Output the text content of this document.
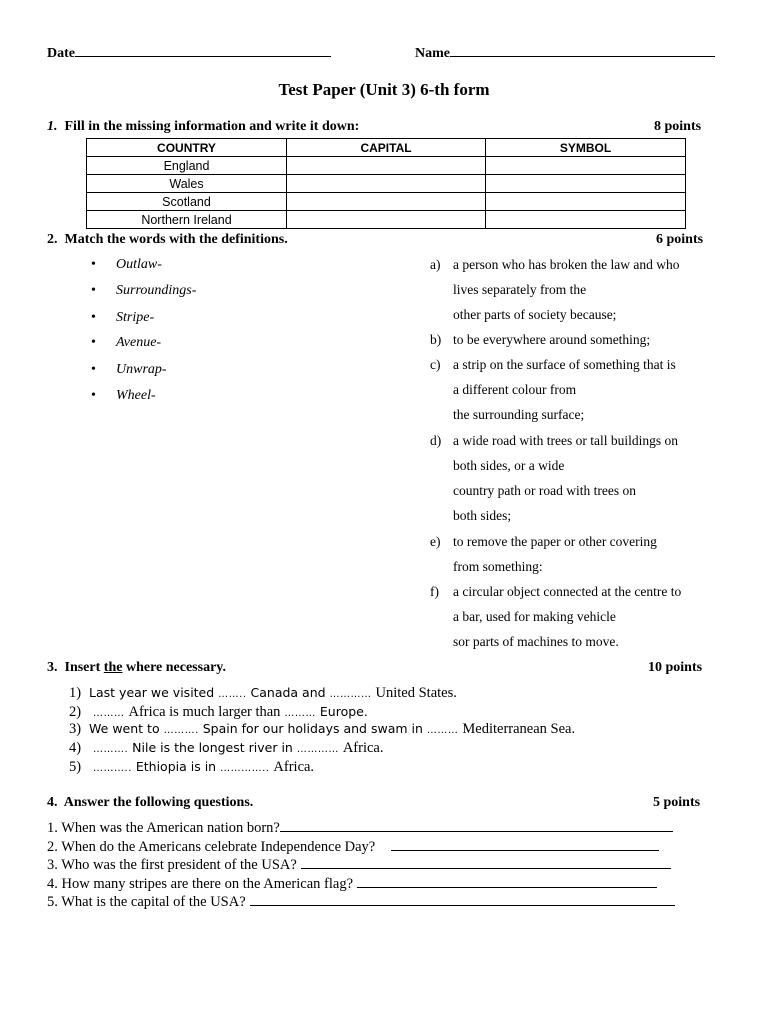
Date	Name
Test Paper (Unit 3) 6-th form
1. Fill in the missing information and write it down:	8 points
COUNTRY	CAPITAL	SYMBOL
England		
Wales		
Scotland		
Northern Ireland		
2. Match the words with the definitions.	6 points
• Outlaw-
• Surroundings-
• Stripe-
• Avenue-
• Unwrap-
• Wheel-
a) a person who has broken the law and who
lives separately from the
other parts of society because;
b) to be everywhere around something;
c) a strip on the surface of something that is
a different colour from
the surrounding surface;
d) a wide road with trees or tall buildings on
both sides, or a wide
country path or road with trees on
both sides;
e) to remove the paper or other covering
from something:
f) a circular object connected at the centre to
a bar, used for making vehicle
sor parts of machines to move.
3. Insert the where necessary.	10 points
1) Last year we visited …….. Canada and ………… United States.
2) ……… Africa is much larger than ……… Europe.
3) We went to ………. Spain for our holidays and swam in ……… Mediterranean Sea.
4) ………. Nile is the longest river in ………… Africa.
5) ……….. Ethiopia is in ………….. Africa.
4. Answer the following questions.	5 points
1. When was the American nation born?
2. When do the Americans celebrate Independence Day?
3. Who was the first president of the USA?
4. How many stripes are there on the American flag?
5. What is the capital of the USA?
